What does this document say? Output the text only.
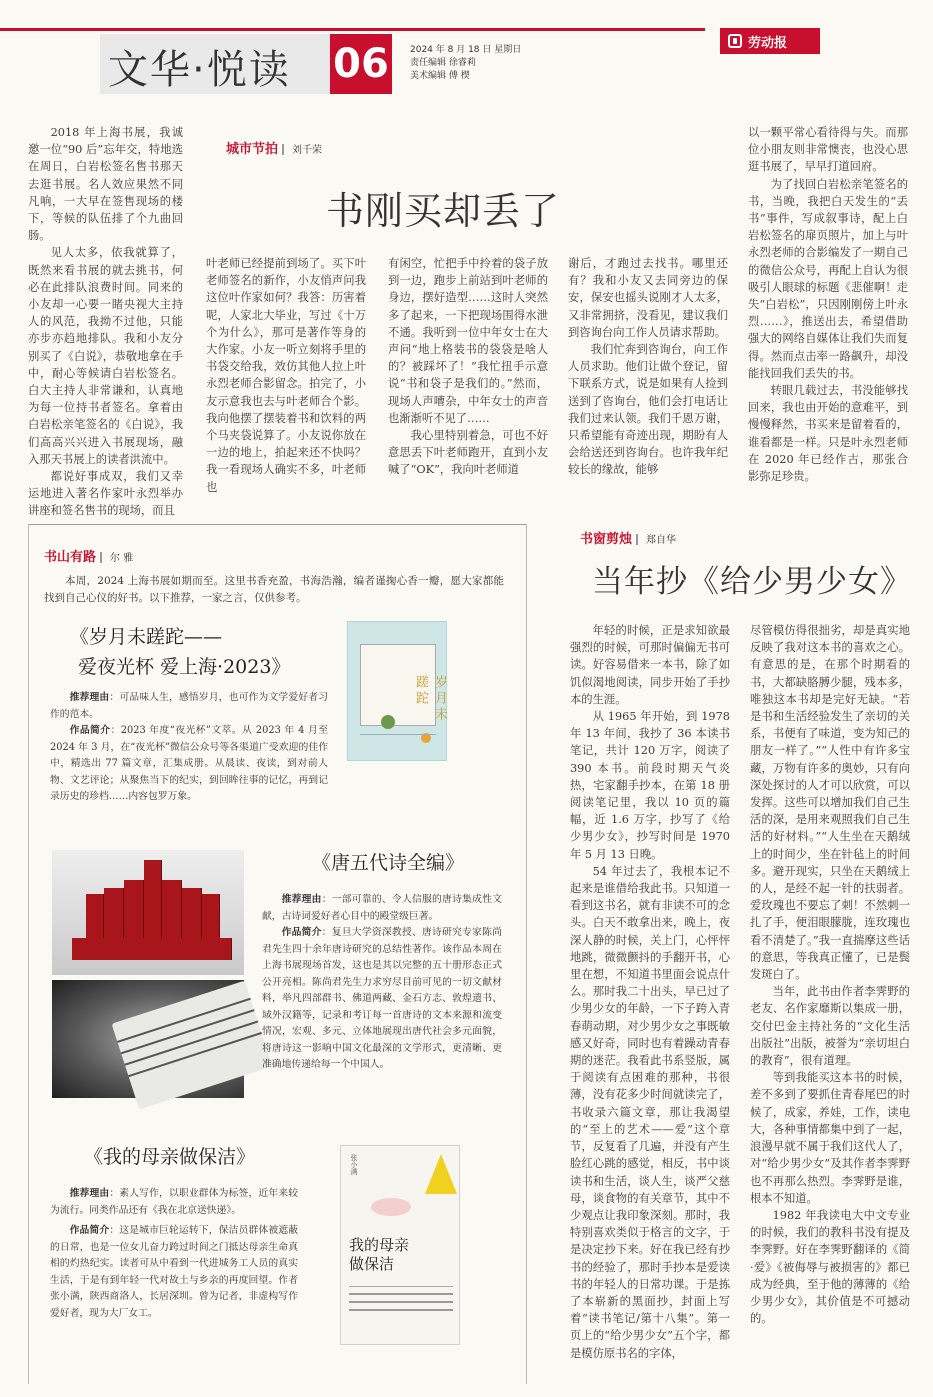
文华·悦读 06	2024 年 8 月 18 日 星期日
责任编辑 徐睿莉
美术编辑 傅 楔
劳动报

2018 年上海书展，我诚邀一位“90 后”忘年交，特地选在周日，白岩松签名售书那天去逛书展。名人效应果然不同凡响，一大早在签售现场的楼下，等候的队伍排了个九曲回肠。

见人太多，依我就算了，既然来看书展的就去挑书，何必在此排队浪费时间。同来的小友却一心要一睹央视大主持人的风范，我拗不过他，只能亦步亦趋地排队。我和小友分别买了《白说》，恭敬地拿在手中，耐心等候请白岩松签名。白大主持人非常谦和，认真地为每一位持书者签名。拿着由白岩松亲笔签名的《白说》，我们高高兴兴进入书展现场，融入那天书展上的读者洪流中。

都说好事成双，我们又幸运地进入著名作家叶永烈举办讲座和签名售书的现场，而且

城市节拍 刘千荣
书刚买却丢了
叶老师已经提前到场了。买下叶老师签名的新作，小友悄声问我这位叶作家如何？我答：历害着呢，人家北大毕业，写过《十万个为什么》，那可是著作等身的大作家。小友一听立刻将手里的书袋交给我，效仿其他人拉上叶永烈老师合影留念。拍完了，小友示意我也去与叶老师合个影。我向他摆了摆装着书和饮料的两个马夹袋说算了。小友说你放在一边的地上，拍起来还不快吗？我一看现场人确实不多，叶老师也
有闲空，忙把手中拎着的袋子放到一边，跑步上前站到叶老师的身边，摆好造型……这时人突然多了起来，一下把现场围得水泄不通。我听到一位中年女士在大声问“地上格装书的袋袋是啥人的？被踩坏了！”我忙扭手示意说“书和袋子是我们的。”然而，现场人声嘈杂，中年女士的声音也渐渐听不见了……

我心里特别着急，可也不好意思丢下叶老师跑开，直到小友喊了“OK”，我向叶老师道

谢后，才跑过去找书。哪里还有？我和小友又去同旁边的保安，保安也摇头说刚才人太多，又非常拥挤，没看见，建议我们到咨询台向工作人员请求帮助。

我们忙奔到咨询台，向工作人员求助。他们让做个登记，留下联系方式，说是如果有人捡到送到了咨询台，他们会打电话让我们过来认领。我们千恩万谢，只希望能有奇迹出现，期盼有人会给送还到咨询台。也许我年纪较长的缘故，能够

以一颗平常心看待得与失。而那位小朋友则非常懊丧，也没心思逛书展了，早早打道回府。

为了找回白岩松亲笔签名的书，当晚，我把白天发生的“丢书”事件，写成叙事诗，配上白岩松签名的扉页照片，加上与叶永烈老师的合影编发了一期自己的微信公众号，再配上自认为很吸引人眼球的标题《悲催啊！走失“白岩松”，只因刚刚傍上叶永烈……》，推送出去，希望借助强大的网络自媒体让我们失而复得。然而点击率一路飙升，却没能找回我们丢失的书。

转眼几载过去，书没能够找回来，我也由开始的意难平，到慢慢释然，书买来是留着看的，谁看都是一样。只是叶永烈老师在 2020 年已经作古，那张合影弥足珍贵。

书山有路 尔 雅
本周，2024 上海书展如期而至。这里书香充盈，书海浩瀚，编者谨掬心香一瓣，愿大家都能找到自己心仪的好书。以下推荐，一家之言，仅供参考。
《岁月未蹉跎——
爱夜光杯 爱上海·2023》
推荐理由：可品味人生，感悟岁月，也可作为文学爱好者习作的范本。
作品简介：2023 年度“夜光杯”文萃。从 2023 年 4 月至 2024 年 3 月，在“夜光杯”微信公众号等各渠道广受欢迎的佳作中，精选出 77 篇文章，汇集成册。从晨读、夜读，到对前人物、文艺评论；从聚焦当下的纪实，到回眸往事的记忆，再到记录历史的珍档……内容包罗万象。
岁月未蹉跎
《唐五代诗全编》
推荐理由：一部可靠的、令人信服的唐诗集成性文献，古诗词爱好者心目中的殿堂级巨著。
作品简介：复旦大学资深教授、唐诗研究专家陈尚君先生四十余年唐诗研究的总结性著作。该作品本周在上海书展现场首发，这也是其以完整的五十册形态正式公开亮相。陈尚君先生力求穷尽目前可见的一切文献材料，举凡四部群书、佛道两藏、金石方志、敦煌遗书、域外汉籍等，记录和考订每一首唐诗的文本来源和流变情况，宏观、多元、立体地展现出唐代社会多元面貌，将唐诗这一影响中国文化最深的文学形式，更清晰、更准确地传递给每一个中国人。
《我的母亲做保洁》
推荐理由：素人写作，以职业群体为标签，近年来较为流行。同类作品还有《我在北京送快递》。
作品简介：这是城市巨轮运转下，保洁员群体被遮蔽的日常，也是一位女儿奋力跨过时间之门抵达母亲生命真相的灼热纪实。读者可从中看到一代进城务工人员的真实生活，于是有到年轻一代对故土与乡亲的再度回望。作者张小满，陕西商洛人，长居深圳。曾为记者，非虚构写作爱好者，现为大厂女工。
张小满
我的母亲
做保洁
书窗剪烛 郑自华
当年抄《给少男少女》

年轻的时候，正是求知欲最强烈的时候，可那时偏偏无书可读。好容易借来一本书，除了如饥似渴地阅读，同步开始了手抄本的生涯。

从 1965 年开始，到 1978 年 13 年间，我抄了 36 本读书笔记，共计 120 万字，阅读了 390 本书。前段时期天气炎热，宅家翻手抄本，在第 18 册阅读笔记里，我以 10 页的篇幅，近 1.6 万字，抄写了《给少男少女》，抄写时间是 1970 年 5 月 13 日晚。

54 年过去了，我根本记不起来是谁借给我此书。只知道一看到这书名，就有非读不可的念头。白天不敢拿出来，晚上，夜深人静的时候，关上门，心怦怦地跳，微微颤抖的手翻开书，心里在想，不知道书里面会说点什么。那时我二十出头，早已过了少男少女的年龄，一下子跨入青春萌动期，对少男少女之事既敏感又好奇，同时也有着躁动青春期的迷茫。我看此书系竖版，属于阅读有点困难的那种，书很薄，没有花多少时间就读完了，书收录六篇文章，那让我渴望的“至上的艺术——爱”这个章节，反复看了几遍，并没有产生脸红心跳的感觉，相反，书中谈读书和生活，谈人生，谈严父慈母，谈食物的有关章节，其中不少观点让我印象深刻。那时，我特别喜欢类似于格言的文字，于是决定抄下来。好在我已经有抄书的经验了，那时手抄本是爱读书的年轻人的日常功课。于是拣了本崭新的黑面抄，封面上写着“读书笔记/第十八集”。第一页上的“给少男少女”五个字，都是模仿原书名的字体，

尽管模仿得很拙劣，却是真实地反映了我对这本书的喜欢之心。有意思的是，在那个时期看的书，大都缺胳膊少腿，残本多，唯独这本书却是完好无缺。“若是书和生活经验发生了亲切的关系，书便有了味道，变为知己的朋友一样了。”“人性中有许多宝藏，万物有许多的奥妙，只有向深处探讨的人才可以欣赏，可以发挥。这些可以增加我们自己生活的深，是用来观照我们自己生活的好材料。”“人生坐在天鹅绒上的时间少，坐在针毡上的时间多。避开现实，只坐在天鹅绒上的人，是经不起一针的扶弱者。爱玫瑰也不要忘了刺！不然刺一扎了手，便泪眼朦胧，连玫瑰也看不清楚了。”我一直揣摩这些话的意思，等我真正懂了，已是鬓发斑白了。

当年，此书由作者李霁野的老友、名作家靡斯以集成一册，交付巴金主持社务的“文化生活出版社”出版，被誉为“亲切坦白的教育”，很有道理。

等到我能买这本书的时候，差不多到了要抓住青春尾巴的时候了，成家，养娃，工作，读电大，各种事情都集中到了一起，浪漫早就不属于我们这代人了，对“给少男少女”及其作者李霁野也不再那么热烈。李霁野是谁，根本不知道。

1982 年我读电大中文专业的时候，我们的教科书没有提及李霁野。好在李霁野翻译的《简·爱》《被侮辱与被损害的》都已成为经典，至于他的薄薄的《给少男少女》，其价值是不可撼动的。
